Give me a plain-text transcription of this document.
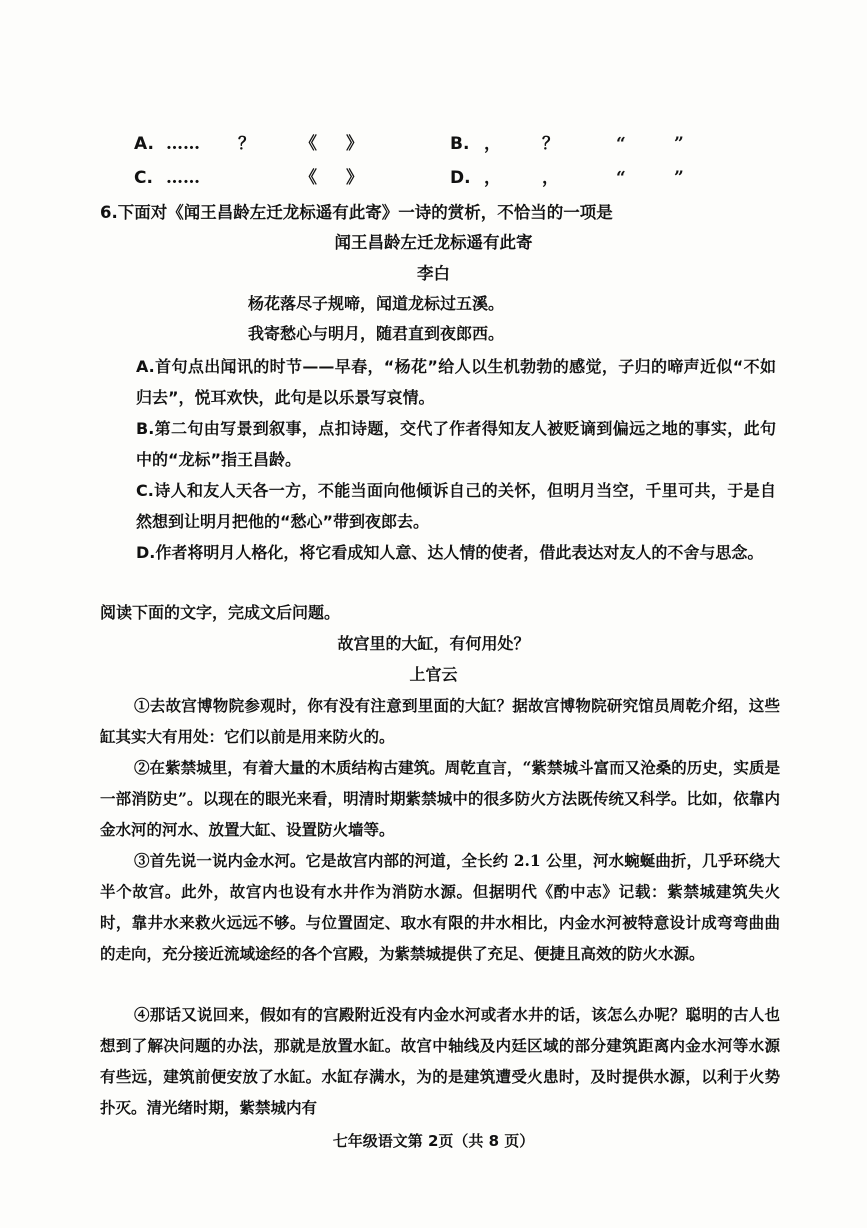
A. …… ？	《 》	B. ， ？	“	”
C. ……	《 》	D. ， ，	“	”
6.下面对《闻王昌龄左迁龙标遥有此寄》一诗的赏析，不恰当的一项是
闻王昌龄左迁龙标遥有此寄
李白
杨花落尽子规啼，闻道龙标过五溪。
我寄愁心与明月，随君直到夜郎西。
A.首句点出闻讯的时节——早春，“杨花”给人以生机勃勃的感觉，子归的啼声近似“不如归去”，悦耳欢快，此句是以乐景写哀情。
B.第二句由写景到叙事，点扣诗题，交代了作者得知友人被贬谪到偏远之地的事实，此句中的“龙标”指王昌龄。
C.诗人和友人天各一方，不能当面向他倾诉自己的关怀，但明月当空，千里可共，于是自然想到让明月把他的“愁心”带到夜郎去。
D.作者将明月人格化，将它看成知人意、达人情的使者，借此表达对友人的不舍与思念。
阅读下面的文字，完成文后问题。
故宫里的大缸，有何用处？
上官云
①去故宫博物院参观时，你有没有注意到里面的大缸？据故宫博物院研究馆员周乾介绍，这些缸其实大有用处：它们以前是用来防火的。
②在紫禁城里，有着大量的木质结构古建筑。周乾直言，“紫禁城斗富而又沧桑的历史，实质是一部消防史”。以现在的眼光来看，明清时期紫禁城中的很多防火方法既传统又科学。比如，依靠内金水河的河水、放置大缸、设置防火墙等。
③首先说一说内金水河。它是故宫内部的河道，全长约 2.1 公里，河水蜿蜒曲折，几乎环绕大半个故宫。此外，故宫内也设有水井作为消防水源。但据明代《酌中志》记载：紫禁城建筑失火时，靠井水来救火远远不够。与位置固定、取水有限的井水相比，内金水河被特意设计成弯弯曲曲的走向，充分接近流域途经的各个宫殿，为紫禁城提供了充足、便捷且高效的防火水源。
④那话又说回来，假如有的宫殿附近没有内金水河或者水井的话，该怎么办呢？聪明的古人也想到了解决问题的办法，那就是放置水缸。故宫中轴线及内廷区域的部分建筑距离内金水河等水源有些远，建筑前便安放了水缸。水缸存满水，为的是建筑遭受火患时，及时提供水源，以利于火势扑灭。清光绪时期，紫禁城内有
七年级语文第 2页（共 8 页）
